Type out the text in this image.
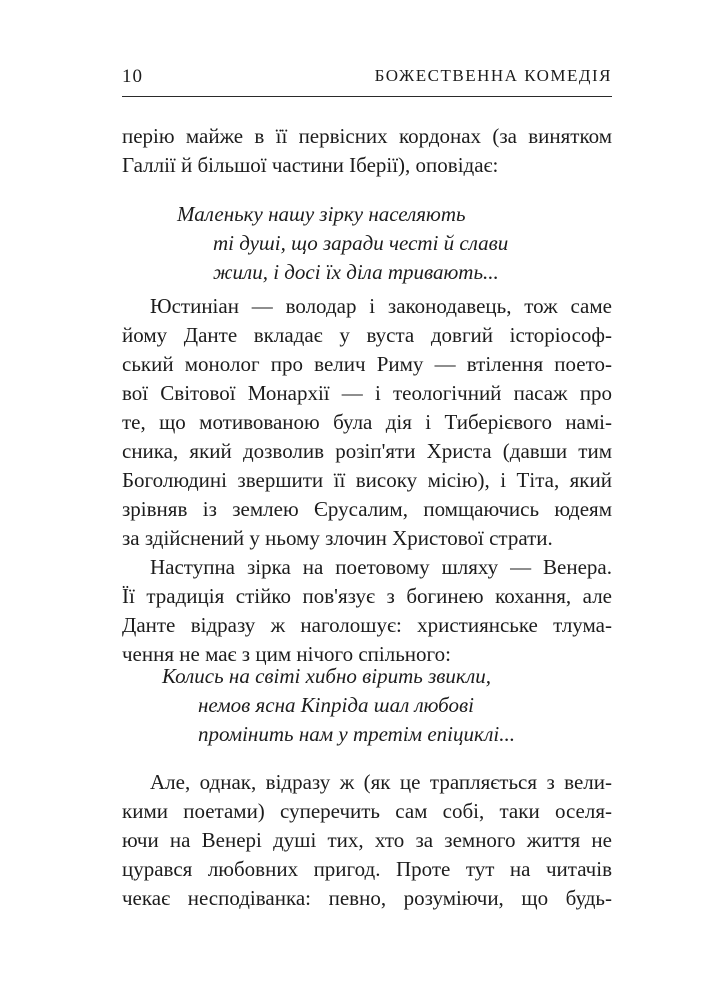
10	БОЖЕСТВЕННА КОМЕДІЯ
перію майже в її первісних кордонах (за винятком
Галлії й більшої частини Іберії), оповідає:
Маленьку нашу зірку населяють
ті душі, що заради честі й слави
жили, і досі їх діла тривають...
Юстиніан — володар і законодавець, тож саме
йому Данте вкладає у вуста довгий історіософ-
ський монолог про велич Риму — втілення поето-
вої Світової Монархії — і теологічний пасаж про
те, що мотивованою була дія і Тиберієвого намі-
сника, який дозволив розіп'яти Христа (давши тим
Боголюдині звершити її високу місію), і Тіта, який
зрівняв із землею Єрусалим, помщаючись юдеям
за здійснений у ньому злочин Христової страти.
Наступна зірка на поетовому шляху — Венера.
Її традиція стійко пов'язує з богинею кохання, але
Данте відразу ж наголошує: християнське тлума-
чення не має з цим нічого спільного:
Колись на світі хибно вірить звикли,
немов ясна Кіпріда шал любові
промінить нам у третім епіциклі...
Але, однак, відразу ж (як це трапляється з вели-
кими поетами) суперечить сам собі, таки оселя-
ючи на Венері душі тих, хто за земного життя не
цурався любовних пригод. Проте тут на читачів
чекає несподіванка: певно, розуміючи, що будь-
